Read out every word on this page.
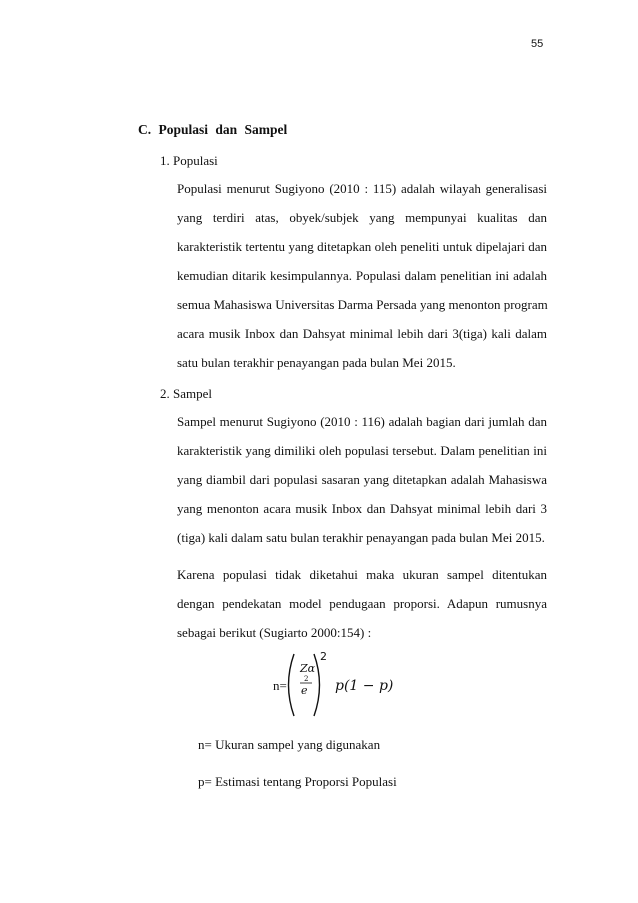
55
C. Populasi dan Sampel
1. Populasi
Populasi menurut Sugiyono (2010 : 115) adalah wilayah generalisasi
yang terdiri atas, obyek/subjek yang mempunyai kualitas dan
karakteristik tertentu yang ditetapkan oleh peneliti untuk dipelajari dan
kemudian ditarik kesimpulannya. Populasi dalam penelitian ini adalah
semua Mahasiswa Universitas Darma Persada yang menonton program
acara musik Inbox dan Dahsyat minimal lebih dari 3(tiga) kali dalam
satu bulan terakhir penayangan pada bulan Mei 2015.
2. Sampel
Sampel menurut Sugiyono (2010 : 116) adalah bagian dari jumlah dan
karakteristik yang dimiliki oleh populasi tersebut. Dalam penelitian ini
yang diambil dari populasi sasaran yang ditetapkan adalah Mahasiswa
yang menonton acara musik Inbox dan Dahsyat minimal lebih dari 3
(tiga) kali dalam satu bulan terakhir penayangan pada bulan Mei 2015.
Karena populasi tidak diketahui maka ukuran sampel ditentukan
dengan pendekatan model pendugaan proporsi. Adapun rumusnya
sebagai berikut (Sugiarto 2000:154) :
n=
Zα
2
e
2
p(1 − p)
n= Ukuran sampel yang digunakan
p= Estimasi tentang Proporsi Populasi
